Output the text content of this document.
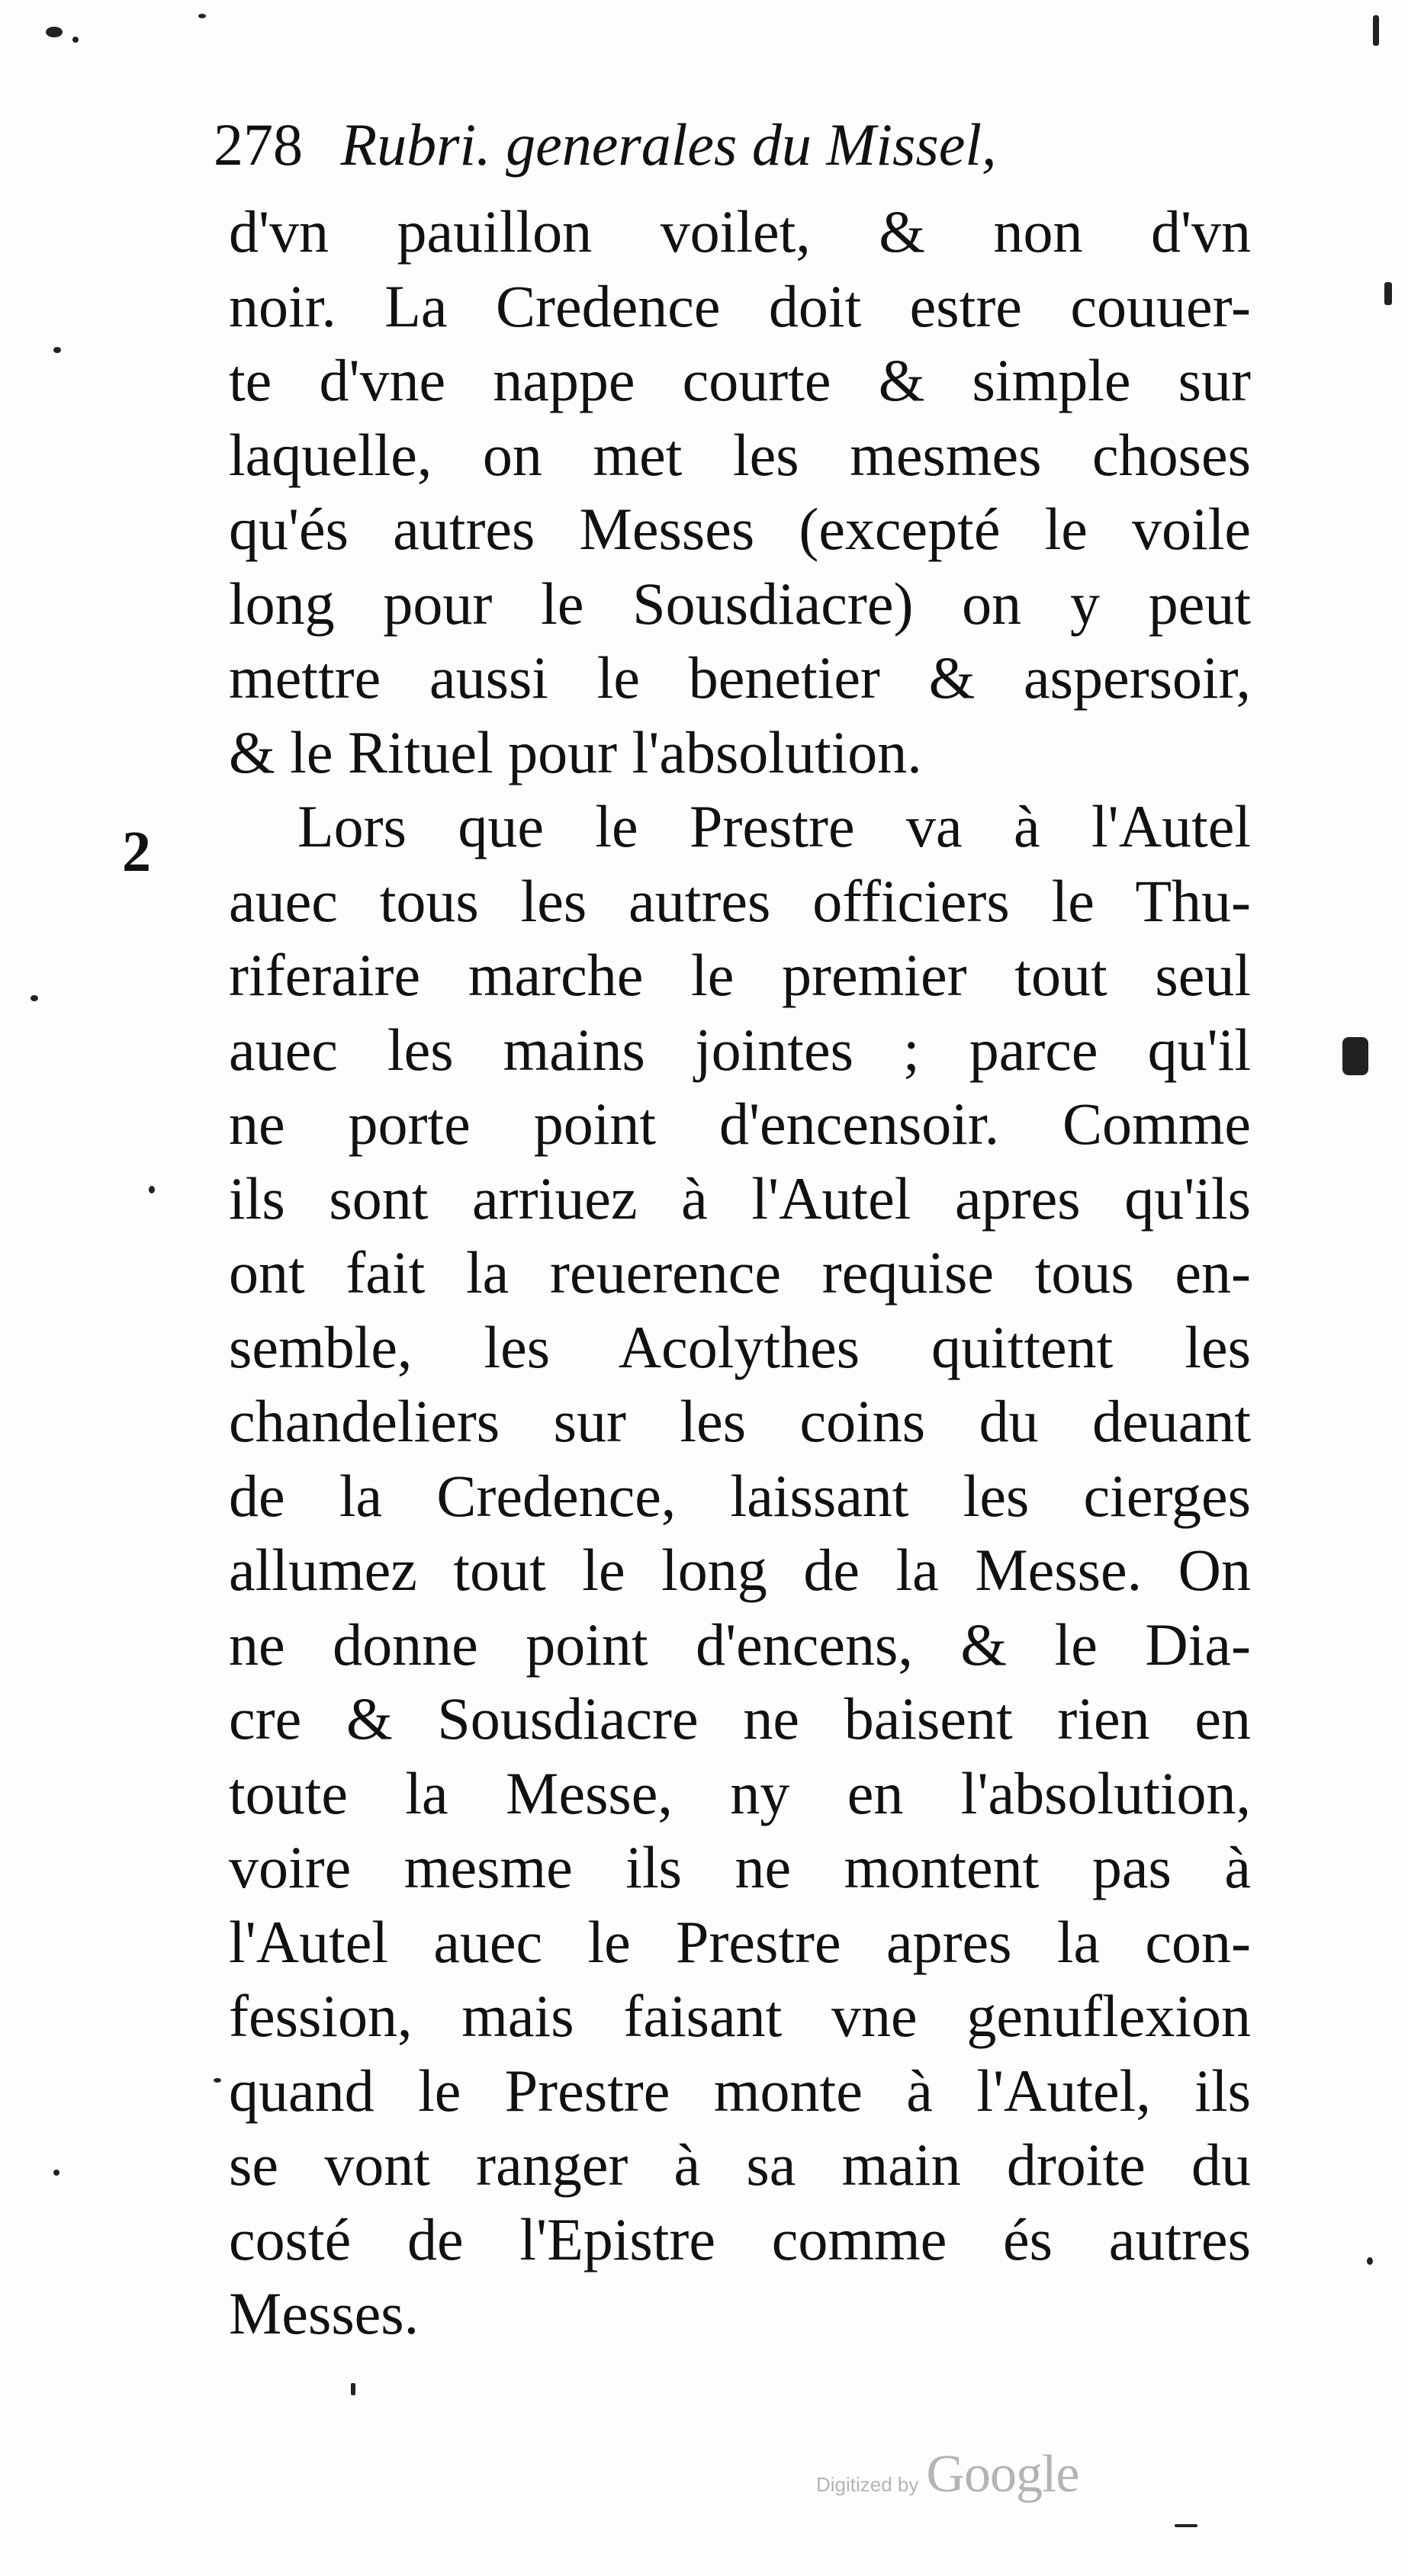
278 Rubri. generales du Missel,
2
d'vn pauillon voilet, & non d'vn
noir. La Credence doit estre couuer-
te d'vne nappe courte & simple sur
laquelle, on met les mesmes choses
qu'és autres Messes (excepté le voile
long pour le Sousdiacre) on y peut
mettre aussi le benetier & aspersoir,
& le Rituel pour l'absolution.
Lors que le Prestre va à l'Autel
auec tous les autres officiers le Thu-
riferaire marche le premier tout seul
auec les mains jointes ; parce qu'il
ne porte point d'encensoir. Comme
ils sont arriuez à l'Autel apres qu'ils
ont fait la reuerence requise tous en-
semble, les Acolythes quittent les
chandeliers sur les coins du deuant
de la Credence, laissant les cierges
allumez tout le long de la Messe. On
ne donne point d'encens, & le Dia-
cre & Sousdiacre ne baisent rien en
toute la Messe, ny en l'absolution,
voire mesme ils ne montent pas à
l'Autel auec le Prestre apres la con-
fession, mais faisant vne genuflexion
quand le Prestre monte à l'Autel, ils
se vont ranger à sa main droite du
costé de l'Epistre comme és autres
Messes.
Digitized by Google
